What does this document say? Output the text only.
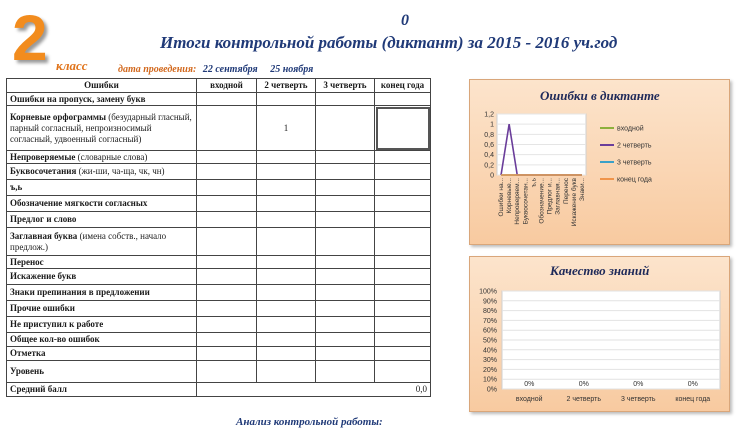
2 класс
0
Итоги контрольной работы (диктант) за 2015 - 2016 уч.год
дата проведения: 22 сентября 25 ноября
Ошибки	входной	2 четверть	3 четверть	конец года
Ошибки на пропуск, замену букв				
Корневые орфограммы (безударный гласный, парный согласный, непроизносимый согласный, удвоенный согласный)		1		
Непроверяемые (словарные слова)				
Буквосочетания (жи-ши, ча-ща, чк, чн)				
ъ,ь				
Обозначение мягкости согласных				
Предлог и слово				
Заглавная буква (имена собств., начало предлож.)				
Перенос				
Искажение букв				
Знаки препинания в предложении				
Прочие ошибки				
Не приступил к работе				
Общее кол-во ошибок				
Отметка				
Уровень				
Средний балл	0,0			
Ошибки в диктанте
0
0,2
0,4
0,6
0,8
1
1,2
Ошибки на... Корневые... Непроверяем... Буквосочетан... ъ,ь Обозначение... Предлог и... Заглавная... Перенос Искажение букв Знаки...
входной
2 четверть
3 четверть
конец года
Качество знаний
0%
10%
20%
30%
40%
50%
60%
70%
80%
90%
100%
0%
входной
0%
2 четверть
0%
3 четверть
0%
конец года
Анализ контрольной работы:
